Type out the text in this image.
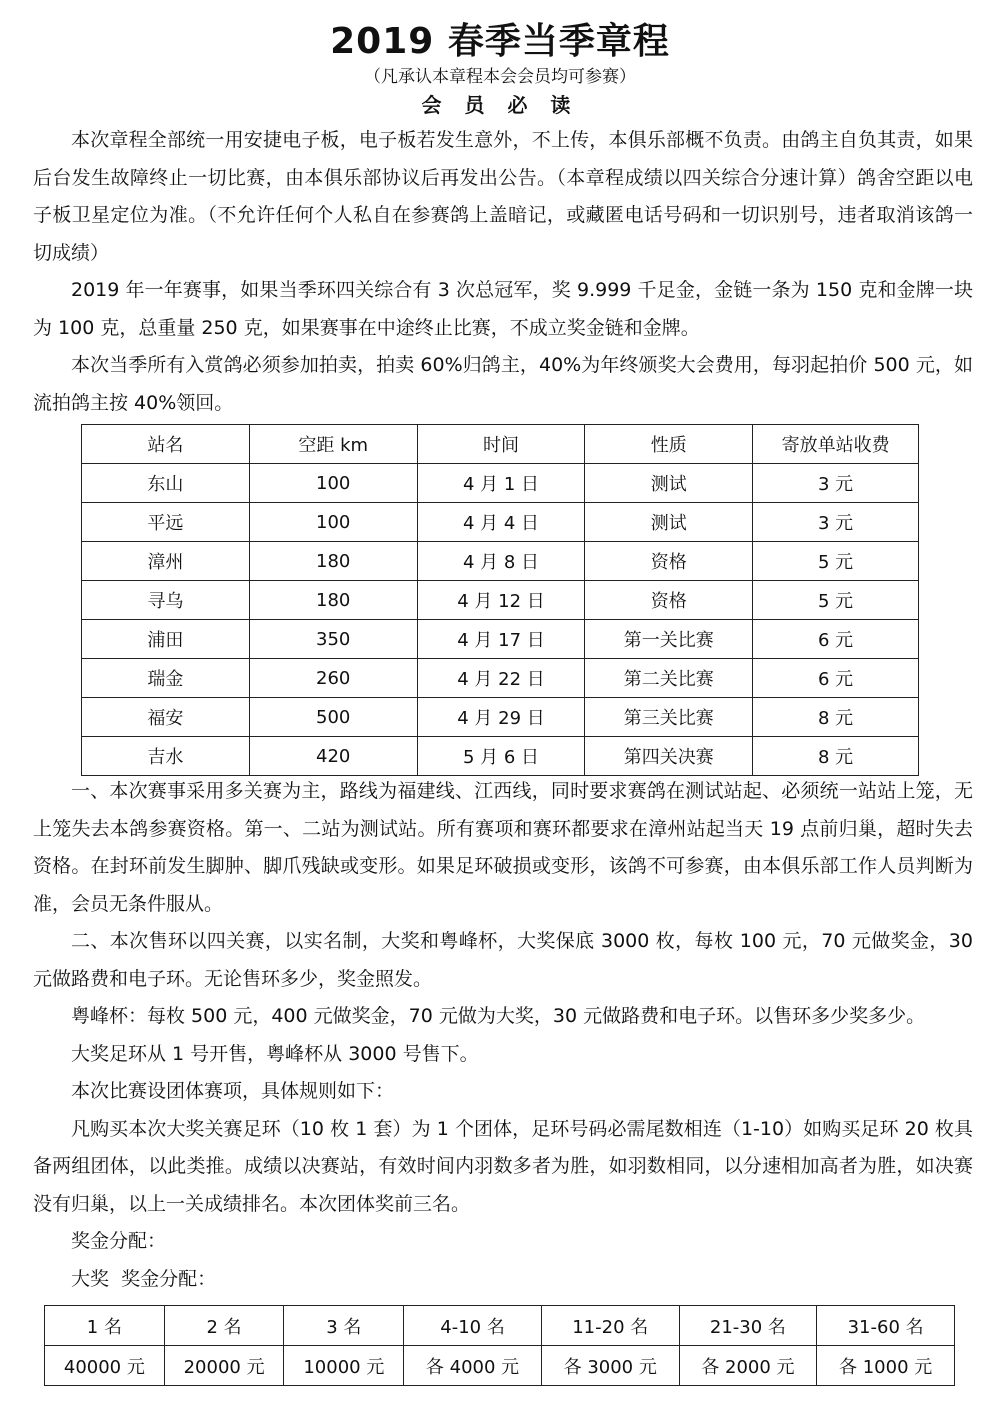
2019 春季当季章程
（凡承认本章程本会会员均可参赛）
会 员 必 读

本次章程全部统一用安捷电子板，电子板若发生意外，不上传，本俱乐部概不负责。由鸽主自负其责，如果后台发生故障终止一切比赛，由本俱乐部协议后再发出公告。（本章程成绩以四关综合分速计算）鸽舍空距以电子板卫星定位为准。（不允许任何个人私自在参赛鸽上盖暗记，或藏匿电话号码和一切识别号，违者取消该鸽一切成绩）

2019 年一年赛事，如果当季环四关综合有 3 次总冠军，奖 9.999 千足金，金链一条为 150 克和金牌一块为 100 克，总重量 250 克，如果赛事在中途终止比赛，不成立奖金链和金牌。

本次当季所有入赏鸽必须参加拍卖，拍卖 60%归鸽主，40%为年终颁奖大会费用，每羽起拍价 500 元，如流拍鸽主按 40%领回。

站名	空距 km	时间	性质	寄放单站收费
东山	100	4 月 1 日	测试	3 元
平远	100	4 月 4 日	测试	3 元
漳州	180	4 月 8 日	资格	5 元
寻乌	180	4 月 12 日	资格	5 元
浦田	350	4 月 17 日	第一关比赛	6 元
瑞金	260	4 月 22 日	第二关比赛	6 元
福安	500	4 月 29 日	第三关比赛	8 元
吉水	420	5 月 6 日	第四关决赛	8 元

一、本次赛事采用多关赛为主，路线为福建线、江西线，同时要求赛鸽在测试站起、必须统一站站上笼，无上笼失去本鸽参赛资格。第一、二站为测试站。所有赛项和赛环都要求在漳州站起当天 19 点前归巢，超时失去资格。在封环前发生脚肿、脚爪残缺或变形。如果足环破损或变形，该鸽不可参赛，由本俱乐部工作人员判断为准，会员无条件服从。

二、本次售环以四关赛，以实名制，大奖和粤峰杯，大奖保底 3000 枚，每枚 100 元，70 元做奖金，30 元做路费和电子环。无论售环多少，奖金照发。

粤峰杯：每枚 500 元，400 元做奖金，70 元做为大奖，30 元做路费和电子环。以售环多少奖多少。

大奖足环从 1 号开售，粤峰杯从 3000 号售下。

本次比赛设团体赛项，具体规则如下：

凡购买本次大奖关赛足环（10 枚 1 套）为 1 个团体，足环号码必需尾数相连（1-10）如购买足环 20 枚具备两组团体，以此类推。成绩以决赛站，有效时间内羽数多者为胜，如羽数相同，以分速相加高者为胜，如决赛没有归巢，以上一关成绩排名。本次团体奖前三名。

奖金分配：

大奖  奖金分配：

1 名	2 名	3 名	4-10 名	11-20 名	21-30 名	31-60 名
40000 元	20000 元	10000 元	各 4000 元	各 3000 元	各 2000 元	各 1000 元
